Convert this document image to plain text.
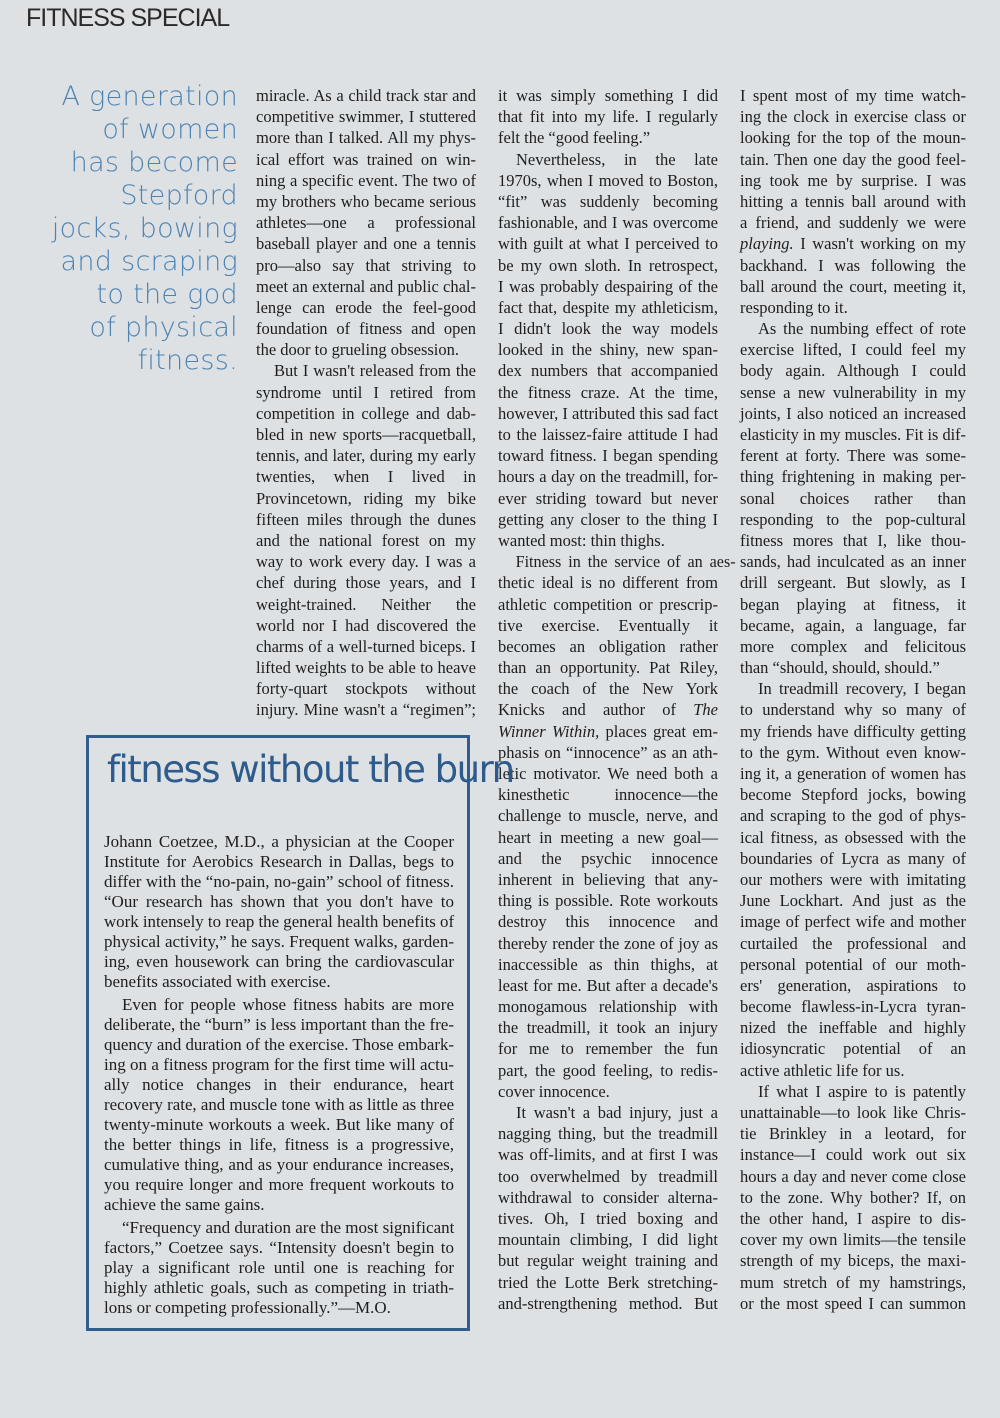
FITNESS SPECIAL
A generation
of women
has become
Stepford
jocks, bowing
and scraping
to the god
of physical
fitness.
miracle. As a child track star and
competitive swimmer, I stuttered
more than I talked. All my phys-
ical effort was trained on win-
ning a specific event. The two of
my brothers who became serious
athletes—one a professional
baseball player and one a tennis
pro—also say that striving to
meet an external and public chal-
lenge can erode the feel-good
foundation of fitness and open
the door to grueling obsession.
But I wasn't released from the
syndrome until I retired from
competition in college and dab-
bled in new sports—racquetball,
tennis, and later, during my early
twenties, when I lived in
Provincetown, riding my bike
fifteen miles through the dunes
and the national forest on my
way to work every day. I was a
chef during those years, and I
weight-trained. Neither the
world nor I had discovered the
charms of a well-turned biceps. I
lifted weights to be able to heave
forty-quart stockpots without
injury. Mine wasn't a “regimen”;
it was simply something I did
that fit into my life. I regularly
felt the “good feeling.”
Nevertheless, in the late
1970s, when I moved to Boston,
“fit” was suddenly becoming
fashionable, and I was overcome
with guilt at what I perceived to
be my own sloth. In retrospect,
I was probably despairing of the
fact that, despite my athleticism,
I didn't look the way models
looked in the shiny, new span-
dex numbers that accompanied
the fitness craze. At the time,
however, I attributed this sad fact
to the laissez-faire attitude I had
toward fitness. I began spending
hours a day on the treadmill, for-
ever striding toward but never
getting any closer to the thing I
wanted most: thin thighs.
Fitness in the service of an aes-
thetic ideal is no different from
athletic competition or prescrip-
tive exercise. Eventually it
becomes an obligation rather
than an opportunity. Pat Riley,
the coach of the New York
Knicks and author of The
Winner Within, places great em-
phasis on “innocence” as an ath-
letic motivator. We need both a
kinesthetic innocence—the
challenge to muscle, nerve, and
heart in meeting a new goal—
and the psychic innocence
inherent in believing that any-
thing is possible. Rote workouts
destroy this innocence and
thereby render the zone of joy as
inaccessible as thin thighs, at
least for me. But after a decade's
monogamous relationship with
the treadmill, it took an injury
for me to remember the fun
part, the good feeling, to redis-
cover innocence.
It wasn't a bad injury, just a
nagging thing, but the treadmill
was off-limits, and at first I was
too overwhelmed by treadmill
withdrawal to consider alterna-
tives. Oh, I tried boxing and
mountain climbing, I did light
but regular weight training and
tried the Lotte Berk stretching-
and-strengthening method. But
I spent most of my time watch-
ing the clock in exercise class or
looking for the top of the moun-
tain. Then one day the good feel-
ing took me by surprise. I was
hitting a tennis ball around with
a friend, and suddenly we were
playing. I wasn't working on my
backhand. I was following the
ball around the court, meeting it,
responding to it.
As the numbing effect of rote
exercise lifted, I could feel my
body again. Although I could
sense a new vulnerability in my
joints, I also noticed an increased
elasticity in my muscles. Fit is dif-
ferent at forty. There was some-
thing frightening in making per-
sonal choices rather than
responding to the pop-cultural
fitness mores that I, like thou-
sands, had inculcated as an inner
drill sergeant. But slowly, as I
began playing at fitness, it
became, again, a language, far
more complex and felicitous
than “should, should, should.”
In treadmill recovery, I began
to understand why so many of
my friends have difficulty getting
to the gym. Without even know-
ing it, a generation of women has
become Stepford jocks, bowing
and scraping to the god of phys-
ical fitness, as obsessed with the
boundaries of Lycra as many of
our mothers were with imitating
June Lockhart. And just as the
image of perfect wife and mother
curtailed the professional and
personal potential of our moth-
ers' generation, aspirations to
become flawless-in-Lycra tyran-
nized the ineffable and highly
idiosyncratic potential of an
active athletic life for us.
If what I aspire to is patently
unattainable—to look like Chris-
tie Brinkley in a leotard, for
instance—I could work out six
hours a day and never come close
to the zone. Why bother? If, on
the other hand, I aspire to dis-
cover my own limits—the tensile
strength of my biceps, the maxi-
mum stretch of my hamstrings,
or the most speed I can summon
fitness without the burn
Johann Coetzee, M.D., a physician at the Cooper
Institute for Aerobics Research in Dallas, begs to
differ with the “no-pain, no-gain” school of fitness.
“Our research has shown that you don't have to
work intensely to reap the general health benefits of
physical activity,” he says. Frequent walks, garden-
ing, even housework can bring the cardiovascular
benefits associated with exercise.
Even for people whose fitness habits are more
deliberate, the “burn” is less important than the fre-
quency and duration of the exercise. Those embark-
ing on a fitness program for the first time will actu-
ally notice changes in their endurance, heart
recovery rate, and muscle tone with as little as three
twenty-minute workouts a week. But like many of
the better things in life, fitness is a progressive,
cumulative thing, and as your endurance increases,
you require longer and more frequent workouts to
achieve the same gains.
“Frequency and duration are the most significant
factors,” Coetzee says. “Intensity doesn't begin to
play a significant role until one is reaching for
highly athletic goals, such as competing in triath-
lons or competing professionally.”—M.O.
